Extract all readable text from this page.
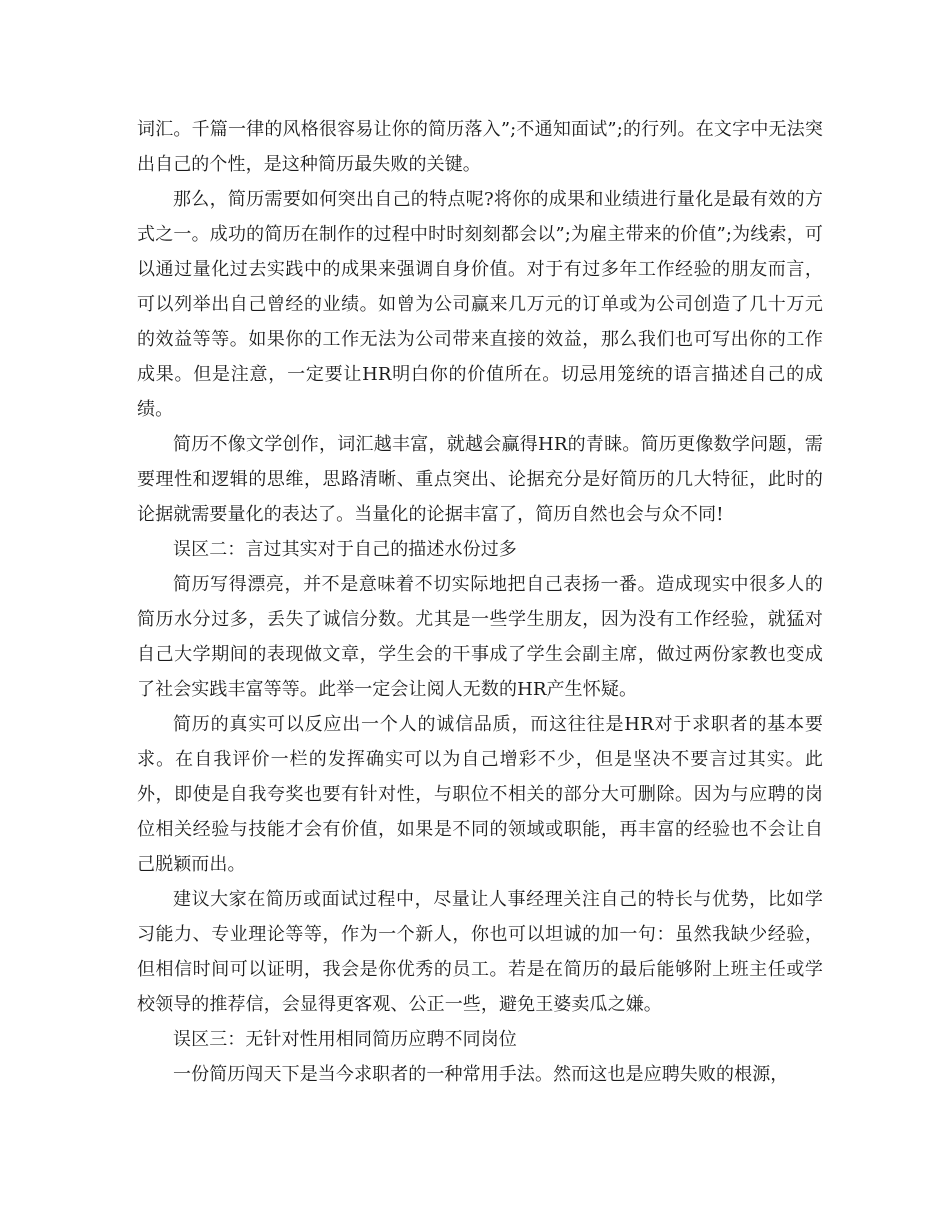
词汇。千篇一律的风格很容易让你的简历落入”;不通知面试”;的行列。在文字中无法突出自己的个性，是这种简历最失败的关键。

那么，简历需要如何突出自己的特点呢?将你的成果和业绩进行量化是最有效的方式之一。成功的简历在制作的过程中时时刻刻都会以”;为雇主带来的价值”;为线索，可以通过量化过去实践中的成果来强调自身价值。对于有过多年工作经验的朋友而言，可以列举出自己曾经的业绩。如曾为公司赢来几万元的订单或为公司创造了几十万元的效益等等。如果你的工作无法为公司带来直接的效益，那么我们也可写出你的工作成果。但是注意，一定要让HR明白你的价值所在。切忌用笼统的语言描述自己的成绩。

简历不像文学创作，词汇越丰富，就越会赢得HR的青睐。简历更像数学问题，需要理性和逻辑的思维，思路清晰、重点突出、论据充分是好简历的几大特征，此时的论据就需要量化的表达了。当量化的论据丰富了，简历自然也会与众不同!

误区二：言过其实对于自己的描述水份过多

简历写得漂亮，并不是意味着不切实际地把自己表扬一番。造成现实中很多人的简历水分过多，丢失了诚信分数。尤其是一些学生朋友，因为没有工作经验，就猛对自己大学期间的表现做文章，学生会的干事成了学生会副主席，做过两份家教也变成了社会实践丰富等等。此举一定会让阅人无数的HR产生怀疑。

简历的真实可以反应出一个人的诚信品质，而这往往是HR对于求职者的基本要求。在自我评价一栏的发挥确实可以为自己增彩不少，但是坚决不要言过其实。此外，即使是自我夸奖也要有针对性，与职位不相关的部分大可删除。因为与应聘的岗位相关经验与技能才会有价值，如果是不同的领域或职能，再丰富的经验也不会让自己脱颖而出。

建议大家在简历或面试过程中，尽量让人事经理关注自己的特长与优势，比如学习能力、专业理论等等，作为一个新人，你也可以坦诚的加一句：虽然我缺少经验，但相信时间可以证明，我会是你优秀的员工。若是在简历的最后能够附上班主任或学校领导的推荐信，会显得更客观、公正一些，避免王婆卖瓜之嫌。

误区三：无针对性用相同简历应聘不同岗位

一份简历闯天下是当今求职者的一种常用手法。然而这也是应聘失败的根源，
